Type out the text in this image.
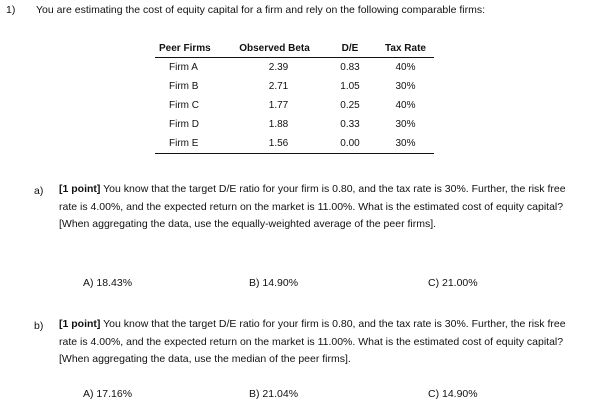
1) You are estimating the cost of equity capital for a firm and rely on the following comparable firms:
Peer Firms	Observed Beta	D/E	Tax Rate
Firm A	2.39	0.83	40%
Firm B	2.71	1.05	30%
Firm C	1.77	0.25	40%
Firm D	1.88	0.33	30%
Firm E	1.56	0.00	30%
a) [1 point] You know that the target D/E ratio for your firm is 0.80, and the tax rate is 30%. Further, the risk free rate is 4.00%, and the expected return on the market is 11.00%. What is the estimated cost of equity capital? [When aggregating the data, use the equally-weighted average of the peer firms].
A) 18.43%	B) 14.90%	C) 21.00%
b) [1 point] You know that the target D/E ratio for your firm is 0.80, and the tax rate is 30%. Further, the risk free rate is 4.00%, and the expected return on the market is 11.00%. What is the estimated cost of equity capital? [When aggregating the data, use the median of the peer firms].
A) 17.16%	B) 21.04%	C) 14.90%
